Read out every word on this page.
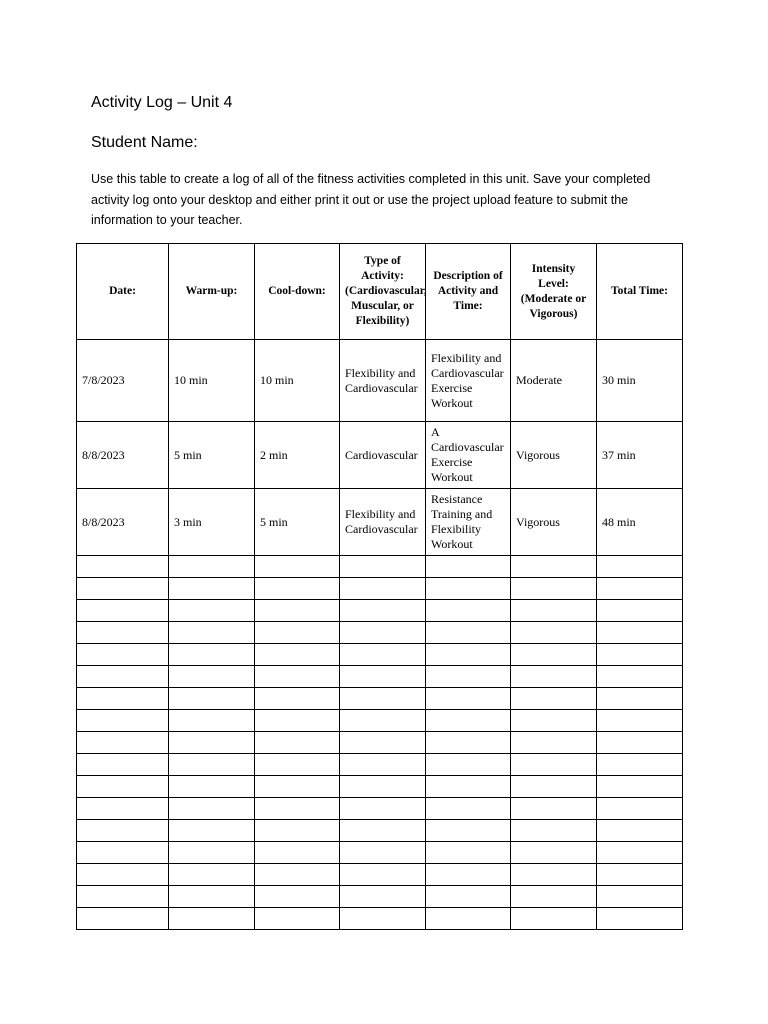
Activity Log – Unit 4
Student Name:
Use this table to create a log of all of the fitness activities completed in this unit. Save your completed activity log onto your desktop and either print it out or use the project upload feature to submit the information to your teacher.
Date:	Warm-up:	Cool-down:	Type of Activity: (Cardiovascular, Muscular, or Flexibility)	Description of Activity and Time:	Intensity Level: (Moderate or Vigorous)	Total Time:
7/8/2023	10 min	10 min	Flexibility and Cardiovascular	Flexibility and Cardiovascular Exercise Workout	Moderate	30 min
8/8/2023	5 min	2 min	Cardiovascular	A Cardiovascular Exercise Workout	Vigorous	37 min
8/8/2023	3 min	5 min	Flexibility and Cardiovascular	Resistance Training and Flexibility Workout	Vigorous	48 min
